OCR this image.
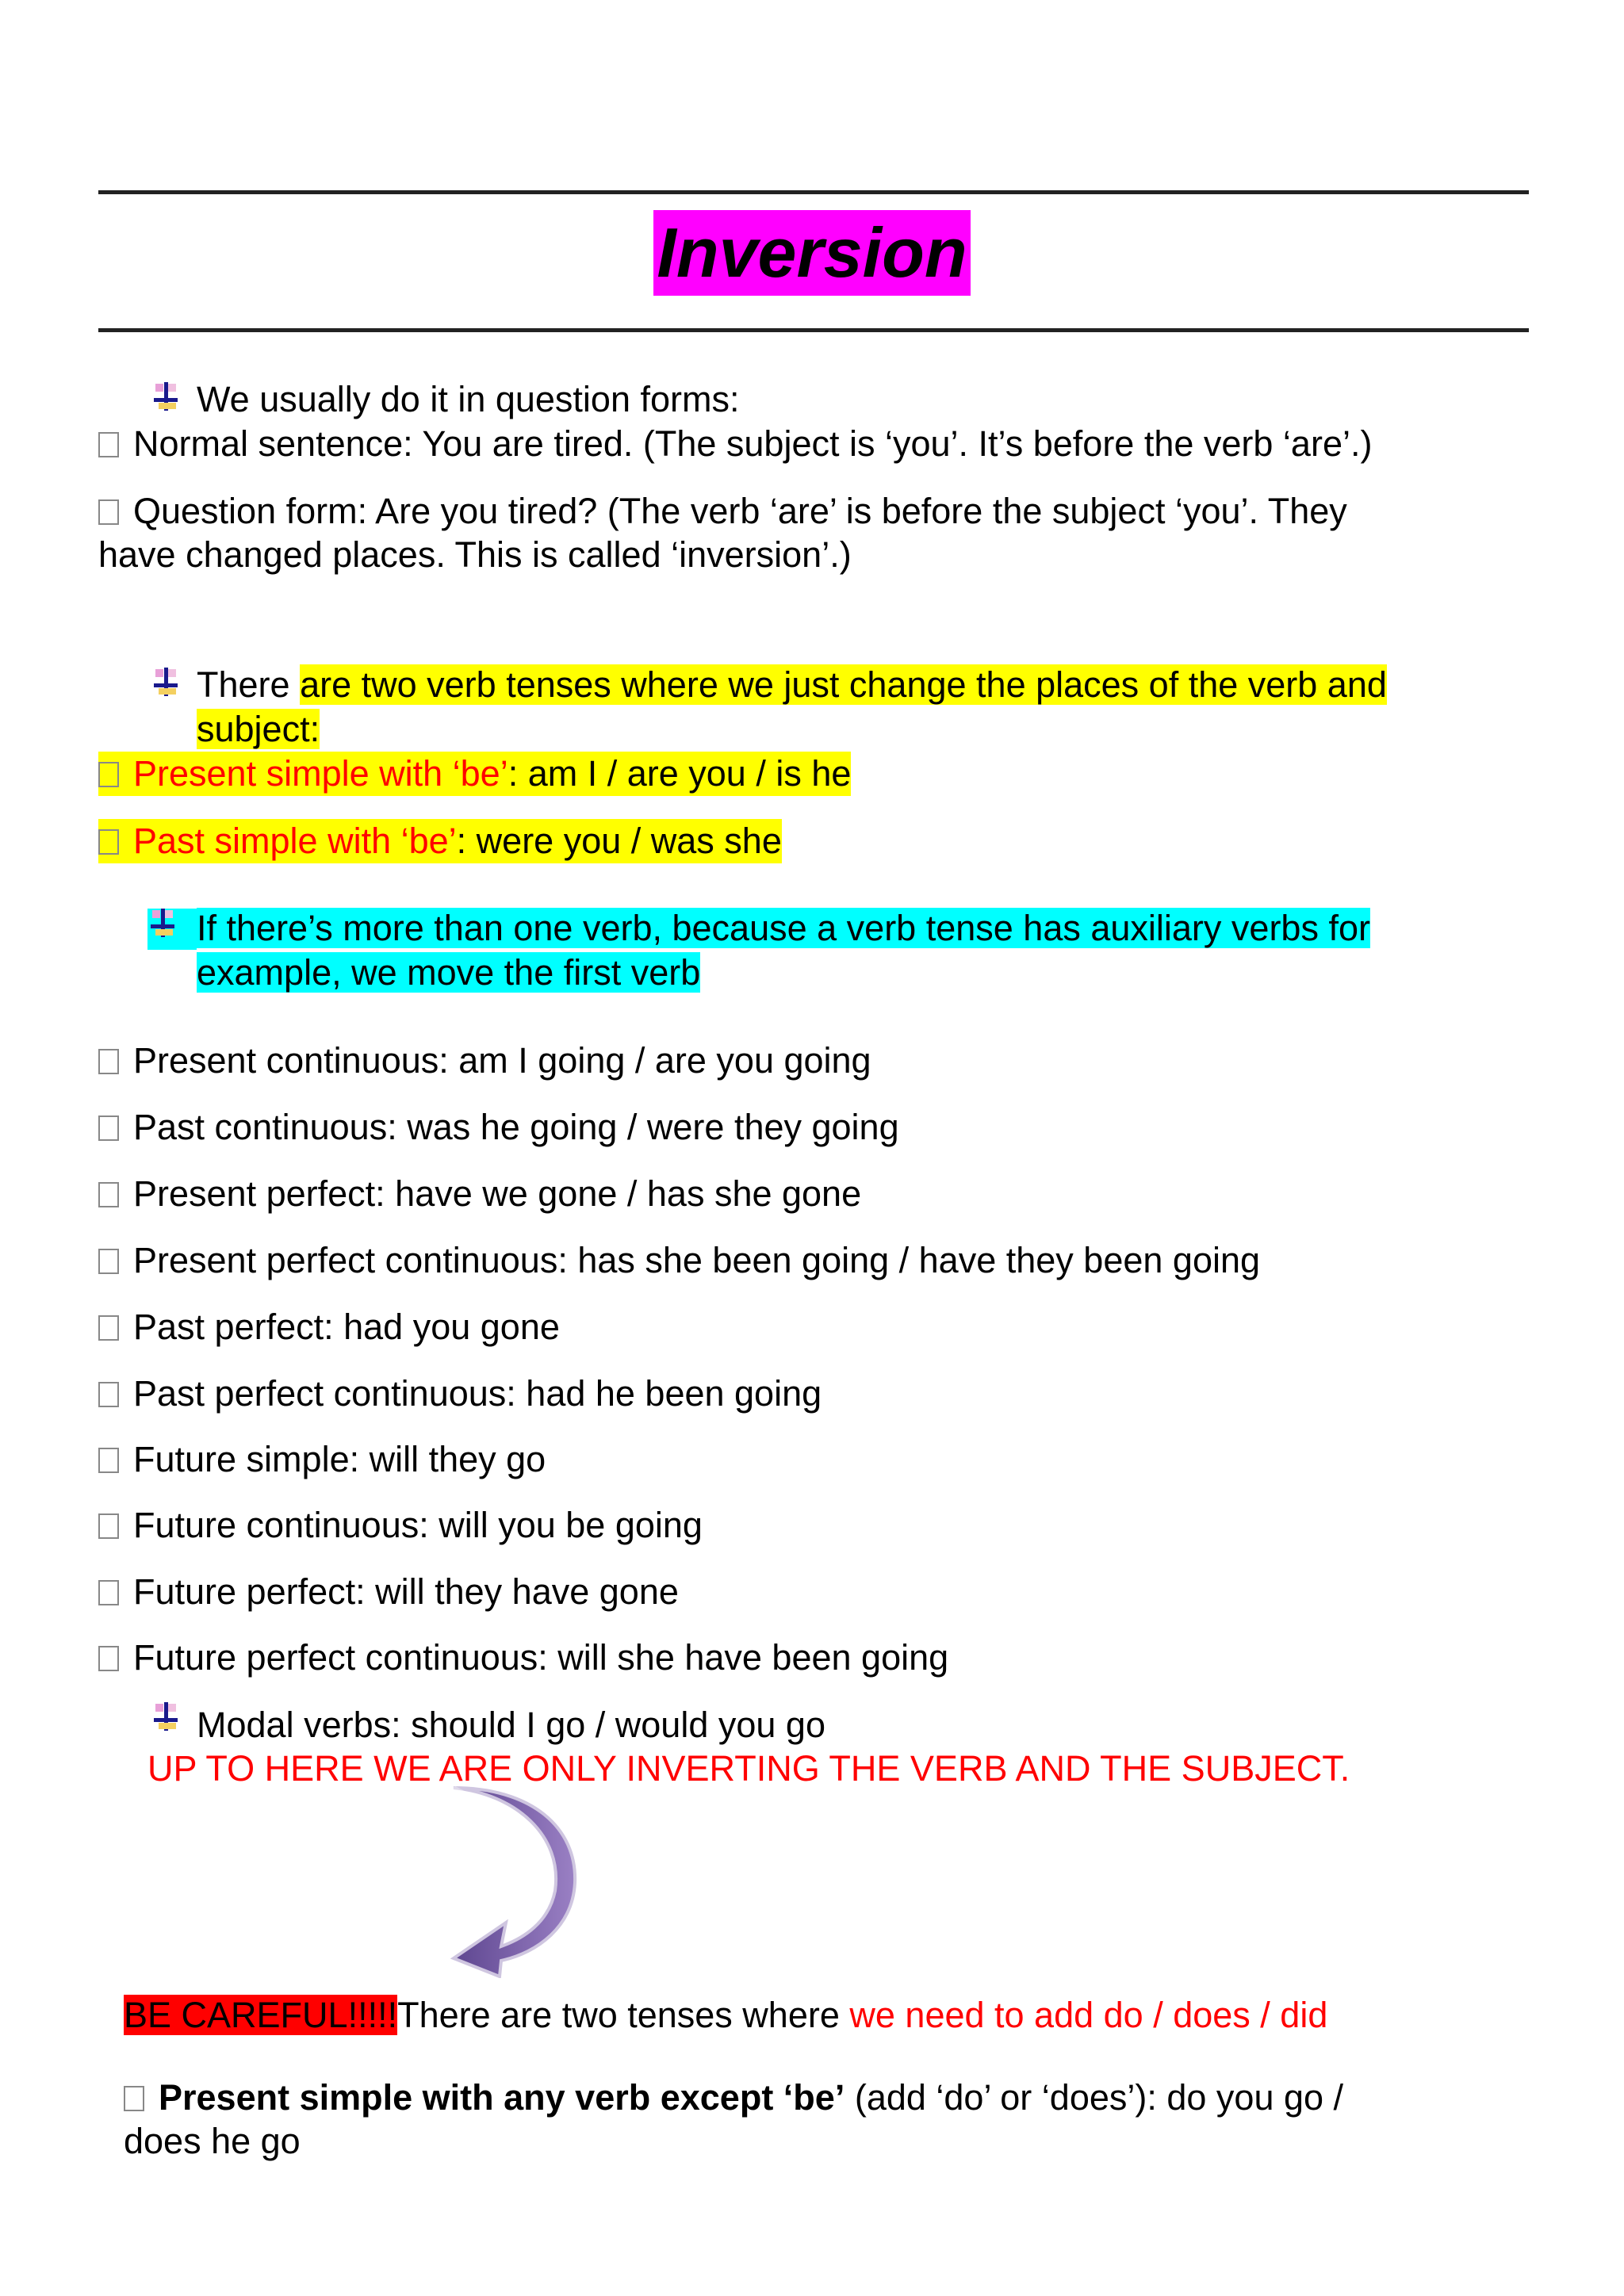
Inversion
We usually do it in question forms:
Normal sentence: You are tired. (The subject is ‘you’. It’s before the verb ‘are’.)
Question form: Are you tired? (The verb ‘are’ is before the subject ‘you’. They
have changed places. This is called ‘inversion’.)
There are two verb tenses where we just change the places of the verb and
subject:
Present simple with ‘be’: am I / are you / is he
Past simple with ‘be’: were you / was she
If there’s more than one verb, because a verb tense has auxiliary verbs for
example, we move the first verb
Present continuous: am I going / are you going
Past continuous: was he going / were they going
Present perfect: have we gone / has she gone
Present perfect continuous: has she been going / have they been going
Past perfect: had you gone
Past perfect continuous: had he been going
Future simple: will they go
Future continuous: will you be going
Future perfect: will they have gone
Future perfect continuous: will she have been going
Modal verbs: should I go / would you go
UP TO HERE WE ARE ONLY INVERTING THE VERB AND THE SUBJECT.
BE CAREFUL!!!!!There are two tenses where we need to add do / does / did
Present simple with any verb except ‘be’ (add ‘do’ or ‘does’): do you go /
does he go
